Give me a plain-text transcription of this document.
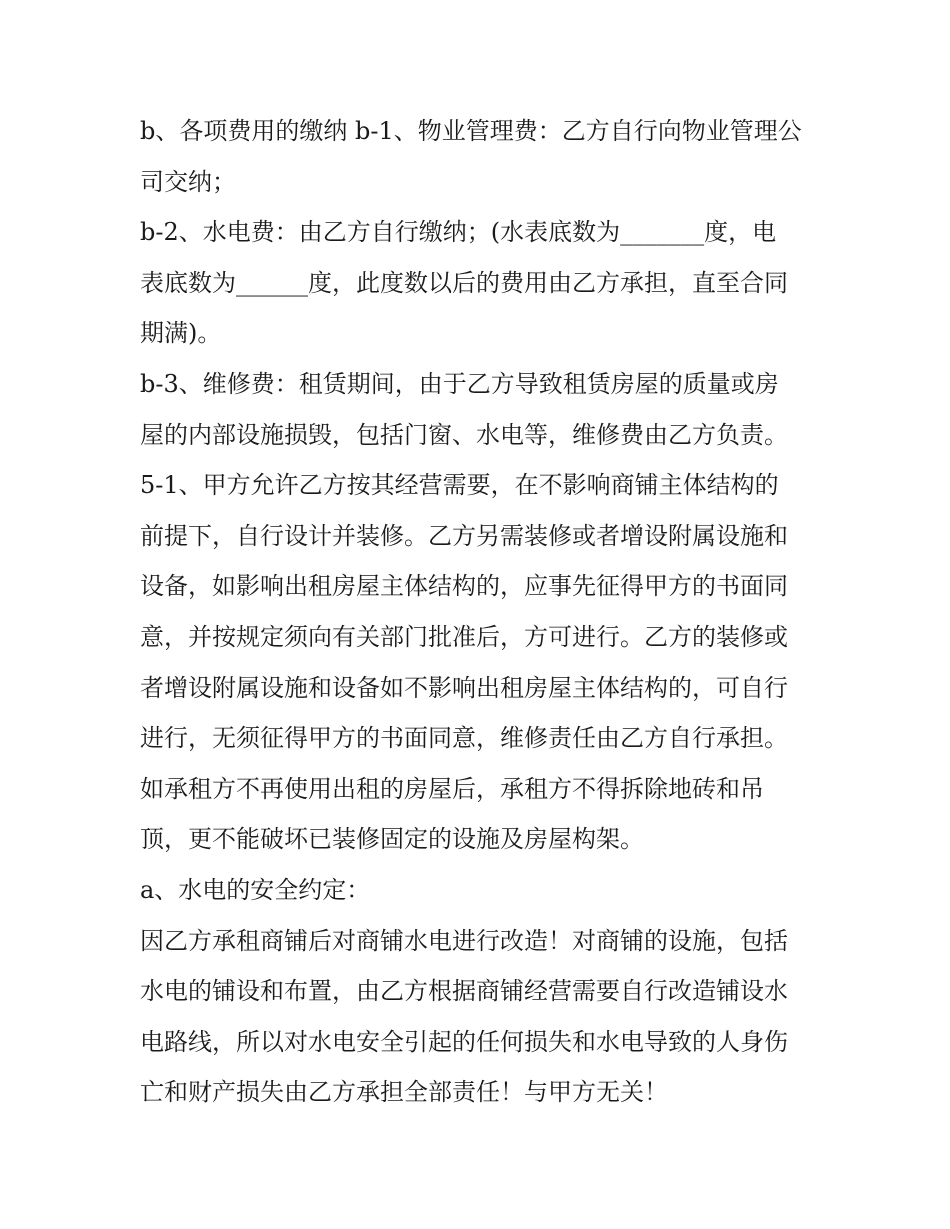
b、各项费用的缴纳 b-1、物业管理费：乙方自行向物业管理公
司交纳；

b-2、水电费：由乙方自行缴纳；(水表底数为_______度，电
表底数为______度，此度数以后的费用由乙方承担，直至合同
期满)。

b-3、维修费：租赁期间，由于乙方导致租赁房屋的质量或房
屋的内部设施损毁，包括门窗、水电等，维修费由乙方负责。

5-1、甲方允许乙方按其经营需要，在不影响商铺主体结构的
前提下，自行设计并装修。乙方另需装修或者增设附属设施和
设备，如影响出租房屋主体结构的，应事先征得甲方的书面同
意，并按规定须向有关部门批准后，方可进行。乙方的装修或
者增设附属设施和设备如不影响出租房屋主体结构的，可自行
进行，无须征得甲方的书面同意，维修责任由乙方自行承担。
如承租方不再使用出租的房屋后，承租方不得拆除地砖和吊
顶，更不能破坏已装修固定的设施及房屋构架。

a、水电的安全约定：

因乙方承租商铺后对商铺水电进行改造！对商铺的设施，包括
水电的铺设和布置，由乙方根据商铺经营需要自行改造铺设水
电路线，所以对水电安全引起的任何损失和水电导致的人身伤
亡和财产损失由乙方承担全部责任！与甲方无关！
